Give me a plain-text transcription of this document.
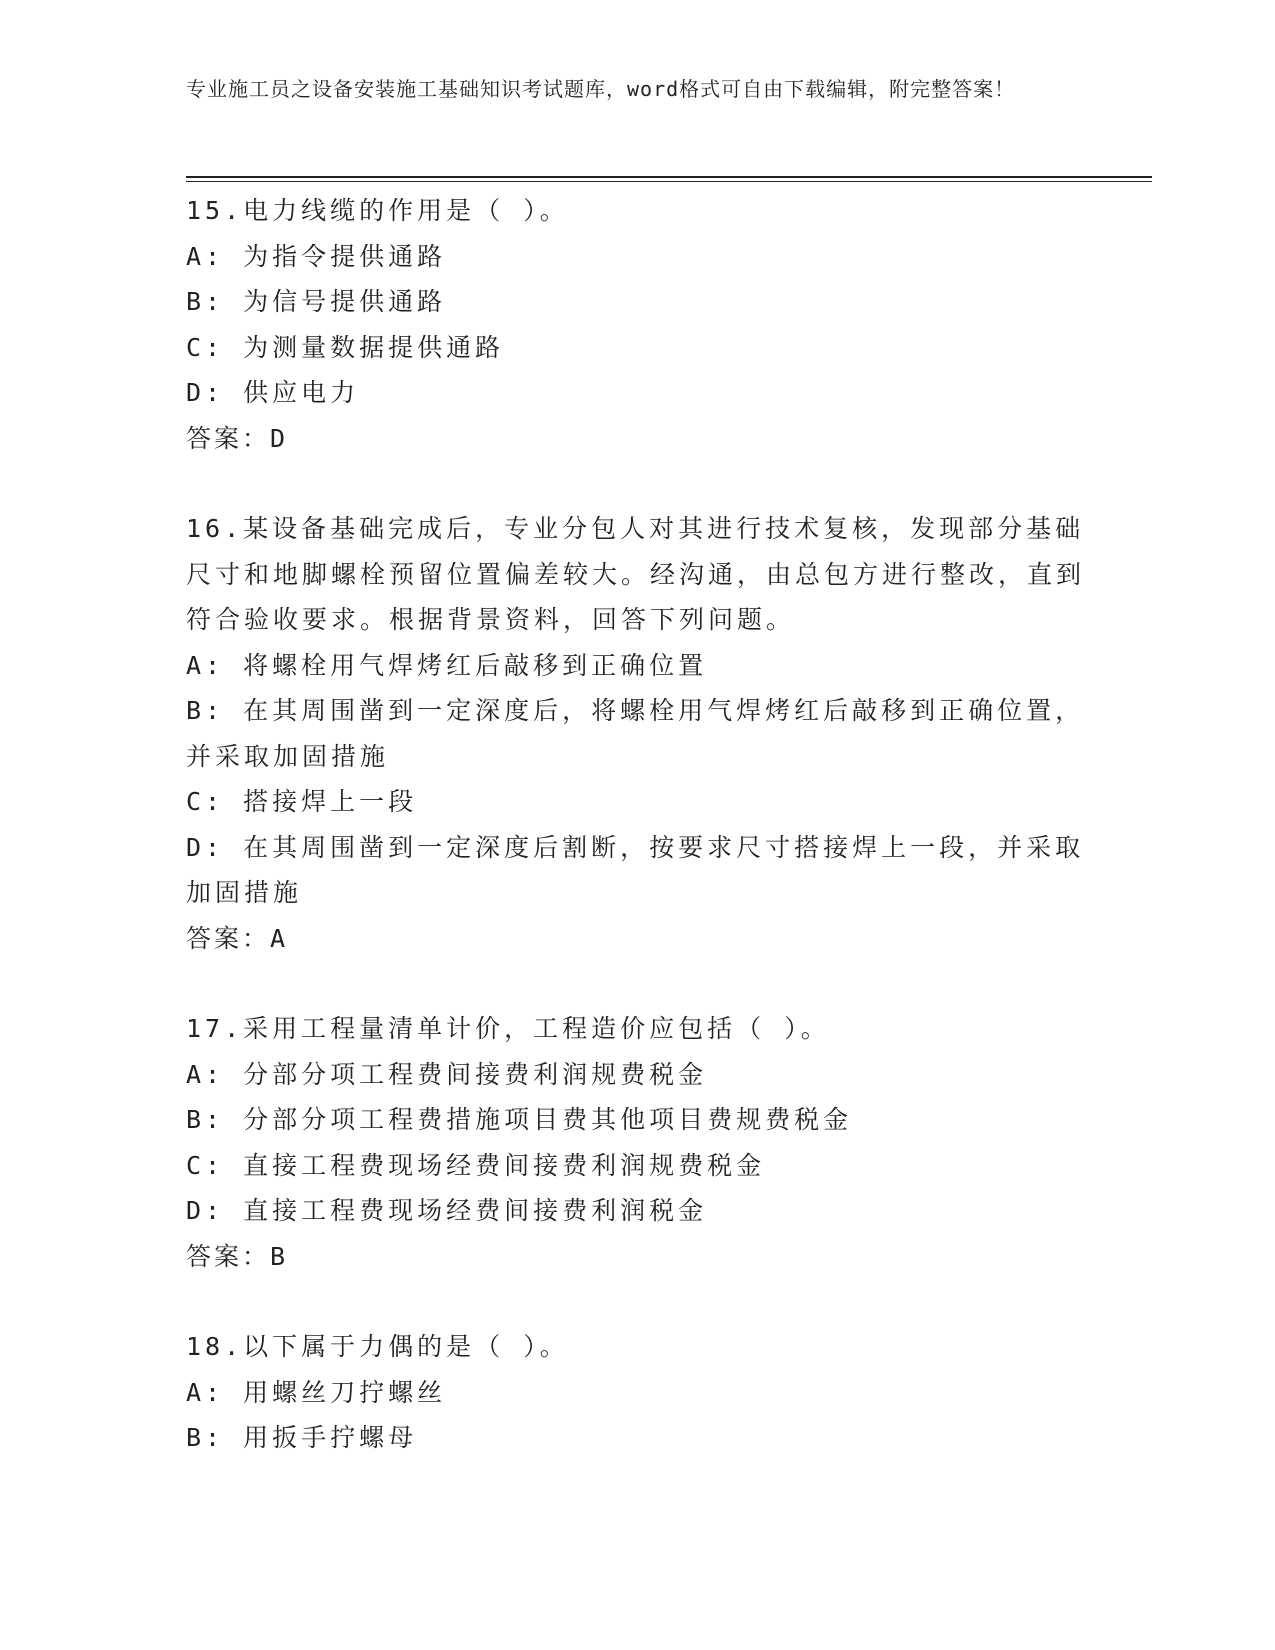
专业施工员之设备安装施工基础知识考试题库，word格式可自由下载编辑，附完整答案！
15.电力线缆的作用是（ ）。
A: 为指令提供通路
B: 为信号提供通路
C: 为测量数据提供通路
D: 供应电力
答案：D
16.某设备基础完成后，专业分包人对其进行技术复核，发现部分基础尺寸和地脚螺栓预留位置偏差较大。经沟通，由总包方进行整改，直到符合验收要求。根据背景资料，回答下列问题。
A: 将螺栓用气焊烤红后敲移到正确位置
B: 在其周围凿到一定深度后，将螺栓用气焊烤红后敲移到正确位置，并采取加固措施
C: 搭接焊上一段
D: 在其周围凿到一定深度后割断，按要求尺寸搭接焊上一段，并采取加固措施
答案：A
17.采用工程量清单计价，工程造价应包括（ ）。
A: 分部分项工程费间接费利润规费税金
B: 分部分项工程费措施项目费其他项目费规费税金
C: 直接工程费现场经费间接费利润规费税金
D: 直接工程费现场经费间接费利润税金
答案：B
18.以下属于力偶的是（ ）。
A: 用螺丝刀拧螺丝
B: 用扳手拧螺母
